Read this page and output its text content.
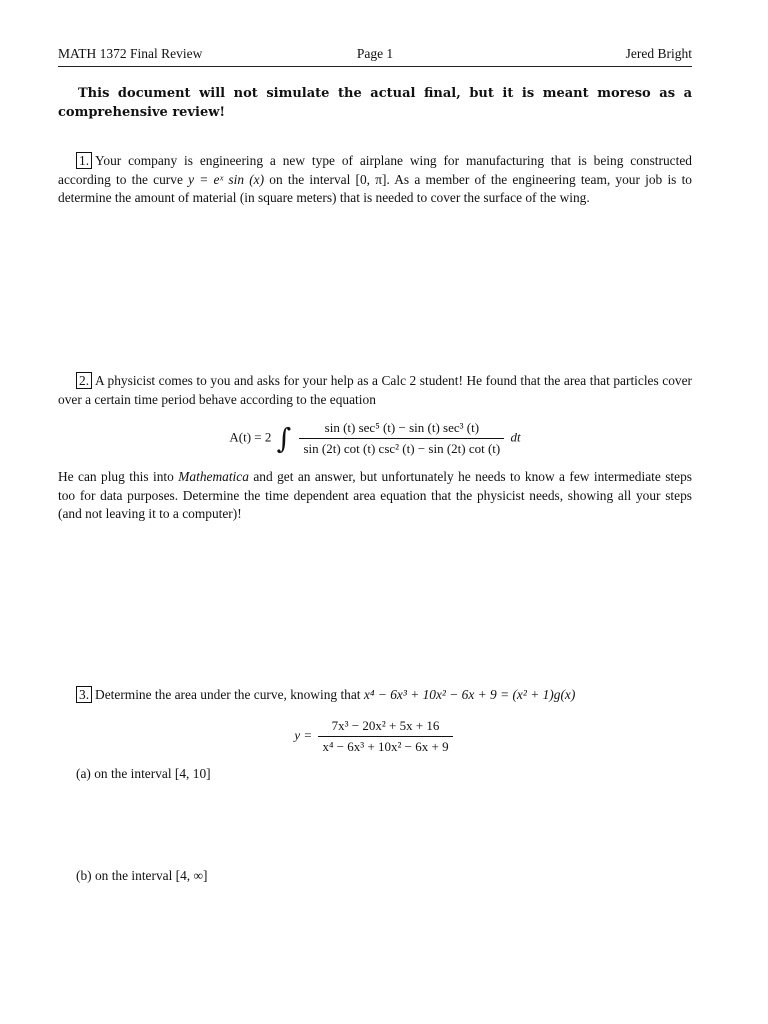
MATH 1372 Final Review	Page 1	Jered Bright
This document will not simulate the actual final, but it is meant moreso as a comprehensive review!
1. Your company is engineering a new type of airplane wing for manufacturing that is being constructed according to the curve y = eˣ sin (x) on the interval [0, π]. As a member of the engineering team, your job is to determine the amount of material (in square meters) that is needed to cover the surface of the wing.
2. A physicist comes to you and asks for your help as a Calc 2 student! He found that the area that particles cover over a certain time period behave according to the equation
A(t) = 2 ∫ $\frac{\text{sin (t) sec⁵ (t) − sin (t) sec³ (t)}}{\text{sin (2t) cot (t) csc² (t) − sin (2t) cot (t)}}$ dt
He can plug this into Mathematica and get an answer, but unfortunately he needs to know a few intermediate steps too for data purposes. Determine the time dependent area equation that the physicist needs, showing all your steps (and not leaving it to a computer)!
3. Determine the area under the curve, knowing that x⁴ − 6x³ + 10x² − 6x + 9 = (x² + 1)g(x)
$y = \frac{\text{7x³ − 20x² + 5x + 16}}{\text{x⁴ − 6x³ + 10x² − 6x + 9}}$
(a) on the interval [4, 10]
(b) on the interval [4, ∞]
